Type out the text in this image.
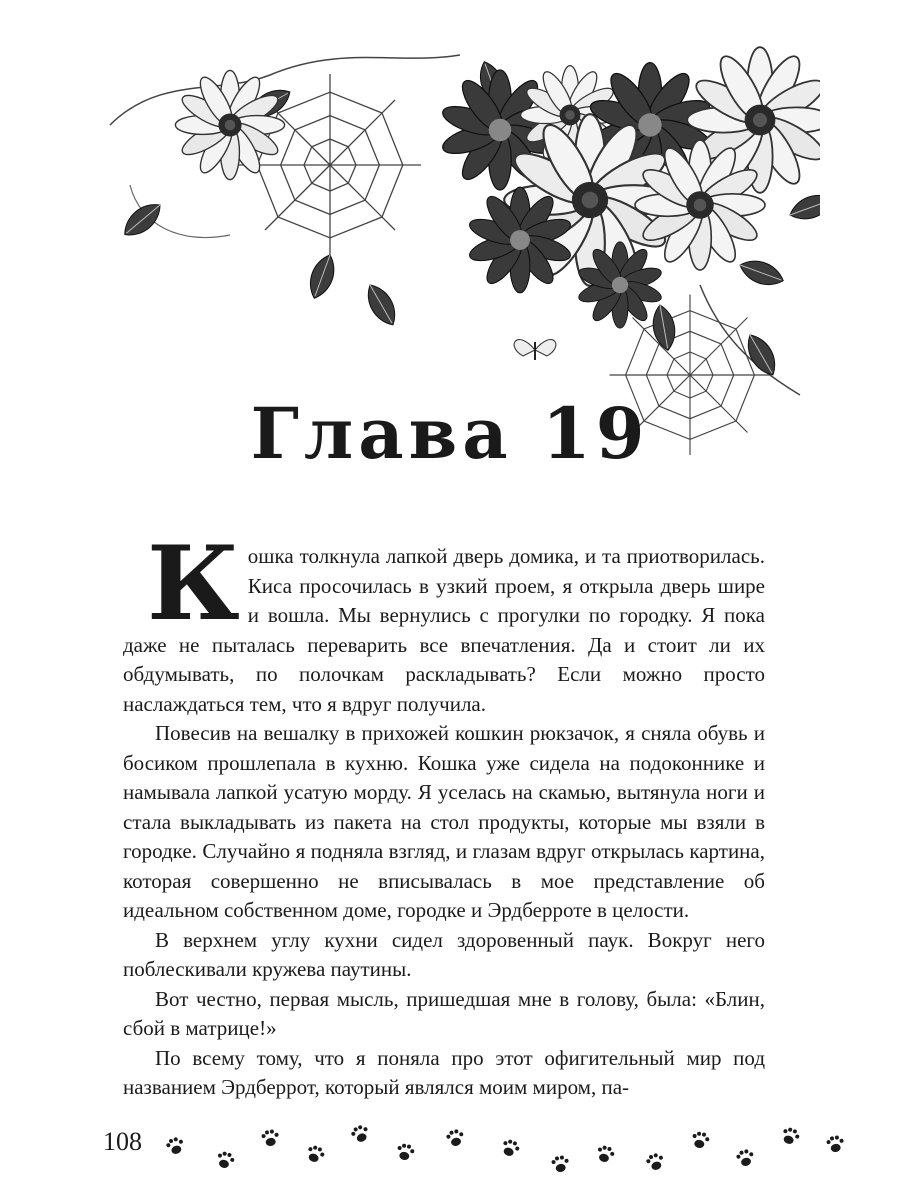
Глава 19

Кошка толкнула лапкой дверь домика, и та приотворилась. Киса просочилась в узкий проем, я открыла дверь шире и вошла. Мы вернулись с прогулки по городку. Я пока даже не пыталась переварить все впечатления. Да и стоит ли их обдумывать, по полочкам раскладывать? Если можно просто наслаждаться тем, что я вдруг получила.

Повесив на вешалку в прихожей кошкин рюкзачок, я сняла обувь и босиком прошлепала в кухню. Кошка уже сидела на подоконнике и намывала лапкой усатую морду. Я уселась на скамью, вытянула ноги и стала выкладывать из пакета на стол продукты, которые мы взяли в городке. Случайно я подняла взгляд, и глазам вдруг открылась картина, которая совершенно не вписывалась в мое представление об идеальном собственном доме, городке и Эрдберроте в целости.

В верхнем углу кухни сидел здоровенный паук. Вокруг него поблескивали кружева паутины.

Вот честно, первая мысль, пришедшая мне в голову, была: «Блин, сбой в матрице!»

По всему тому, что я поняла про этот офигительный мир под названием Эрдберрот, который являлся моим миром, па-

108
